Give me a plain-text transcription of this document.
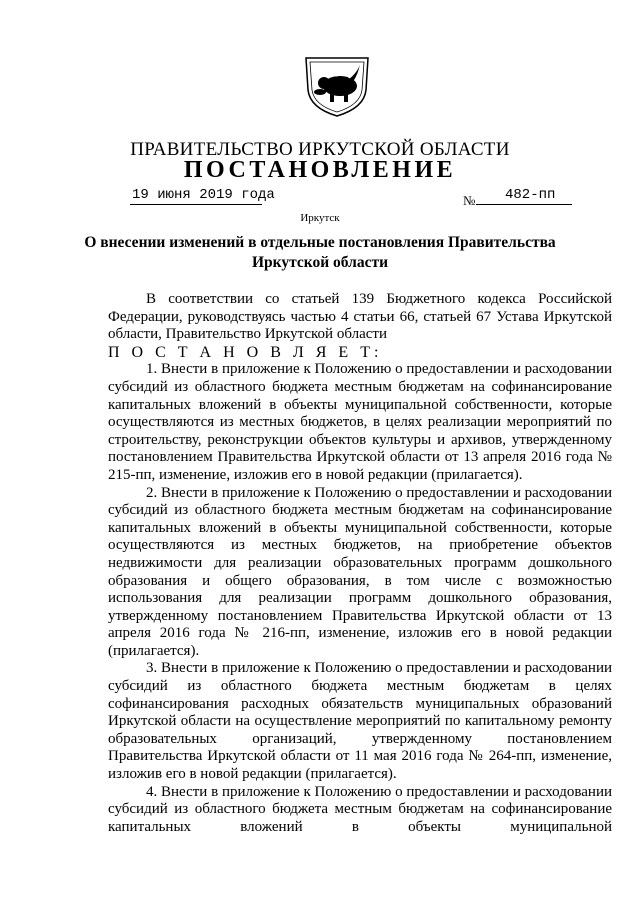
ПРАВИТЕЛЬСТВО ИРКУТСКОЙ ОБЛАСТИ
ПОСТАНОВЛЕНИЕ
19 июня 2019 года	№ 482-пп
Иркутск
О внесении изменений в отдельные постановления Правительства
Иркутской области

В соответствии со статьей 139 Бюджетного кодекса Российской Федерации, руководствуясь частью 4 статьи 66, статьей 67 Устава Иркутской области, Правительство Иркутской области

П О С Т А Н О В Л Я Е Т:

1. Внести в приложение к Положению о предоставлении и расходовании субсидий из областного бюджета местным бюджетам на софинансирование капитальных вложений в объекты муниципальной собственности, которые осуществляются из местных бюджетов, в целях реализации мероприятий по строительству, реконструкции объектов культуры и архивов, утвержденному постановлением Правительства Иркутской области от 13 апреля 2016 года № 215-пп, изменение, изложив его в новой редакции (прилагается).

2. Внести в приложение к Положению о предоставлении и расходовании субсидий из областного бюджета местным бюджетам на софинансирование капитальных вложений в объекты муниципальной собственности, которые осуществляются из местных бюджетов, на приобретение объектов недвижимости для реализации образовательных программ дошкольного образования и общего образования, в том числе с возможностью использования для реализации программ дошкольного образования, утвержденному постановлением Правительства Иркутской области от 13 апреля 2016 года № 216-пп, изменение, изложив его в новой редакции (прилагается).

3. Внести в приложение к Положению о предоставлении и расходовании субсидий из областного бюджета местным бюджетам в целях софинансирования расходных обязательств муниципальных образований Иркутской области на осуществление мероприятий по капитальному ремонту образовательных организаций, утвержденному постановлением Правительства Иркутской области от 11 мая 2016 года № 264-пп, изменение, изложив его в новой редакции (прилагается).

4. Внести в приложение к Положению о предоставлении и расходовании субсидий из областного бюджета местным бюджетам на софинансирование капитальных вложений в объекты муниципальной
